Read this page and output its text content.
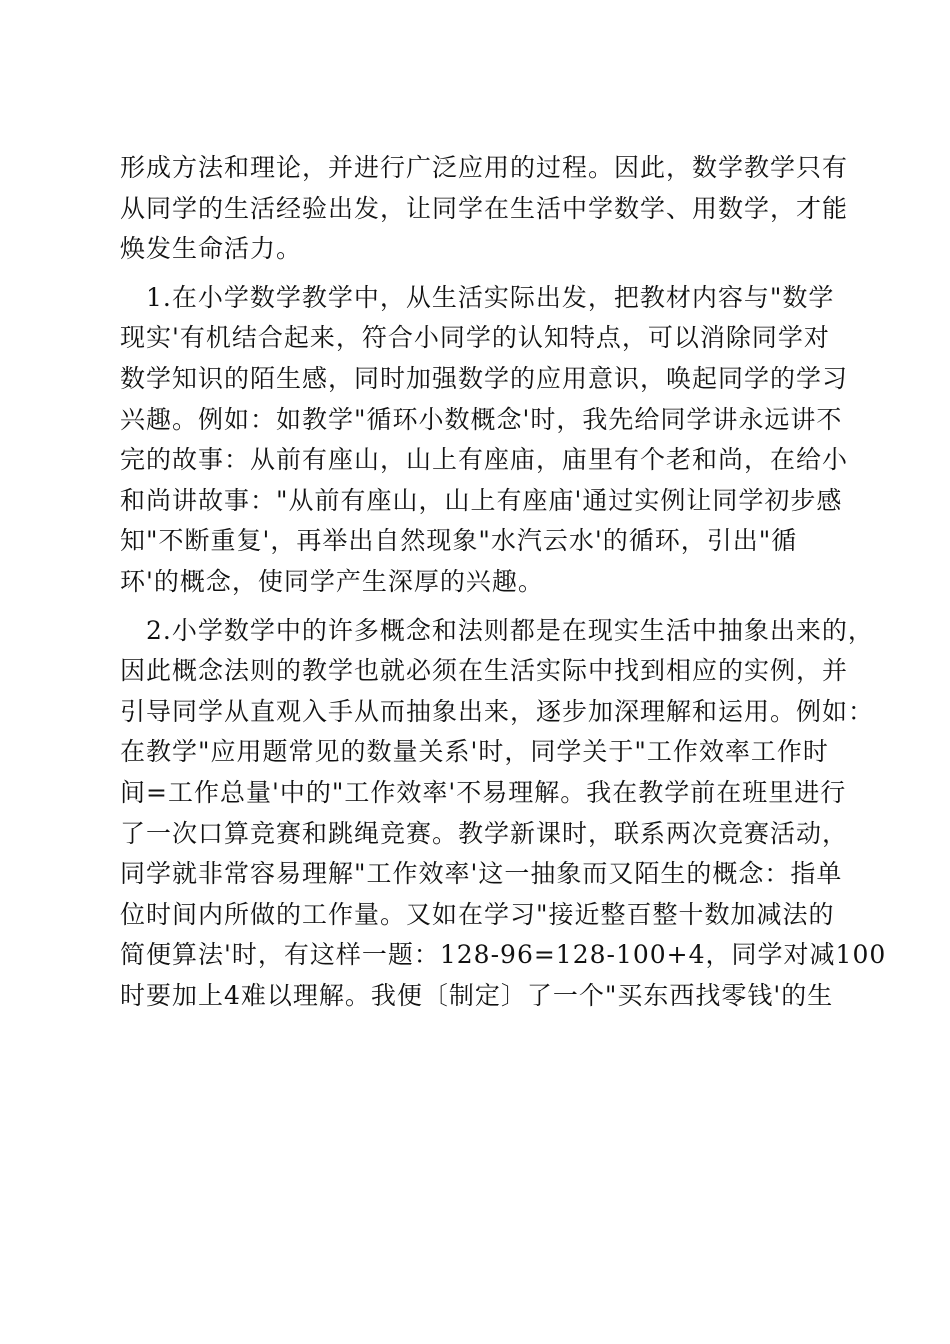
形成方法和理论，并进行广泛应用的过程。因此，数学教学只有
从同学的生活经验出发，让同学在生活中学数学、用数学，才能
焕发生命活力。
1.在小学数学教学中，从生活实际出发，把教材内容与"数学
现实'有机结合起来，符合小同学的认知特点，可以消除同学对
数学知识的陌生感，同时加强数学的应用意识，唤起同学的学习
兴趣。例如：如教学"循环小数概念'时，我先给同学讲永远讲不
完的故事：从前有座山，山上有座庙，庙里有个老和尚，在给小
和尚讲故事："从前有座山，山上有座庙'通过实例让同学初步感
知"不断重复'，再举出自然现象"水汽云水'的循环，引出"循
环'的概念，使同学产生深厚的兴趣。
2.小学数学中的许多概念和法则都是在现实生活中抽象出来的，
因此概念法则的教学也就必须在生活实际中找到相应的实例，并
引导同学从直观入手从而抽象出来，逐步加深理解和运用。例如：
在教学"应用题常见的数量关系'时，同学关于"工作效率工作时
间=工作总量'中的"工作效率'不易理解。我在教学前在班里进行
了一次口算竞赛和跳绳竞赛。教学新课时，联系两次竞赛活动，
同学就非常容易理解"工作效率'这一抽象而又陌生的概念：指单
位时间内所做的工作量。又如在学习"接近整百整十数加减法的
简便算法'时，有这样一题：128-96=128-100+4，同学对减100
时要加上4难以理解。我便〔制定〕了一个"买东西找零钱'的生
